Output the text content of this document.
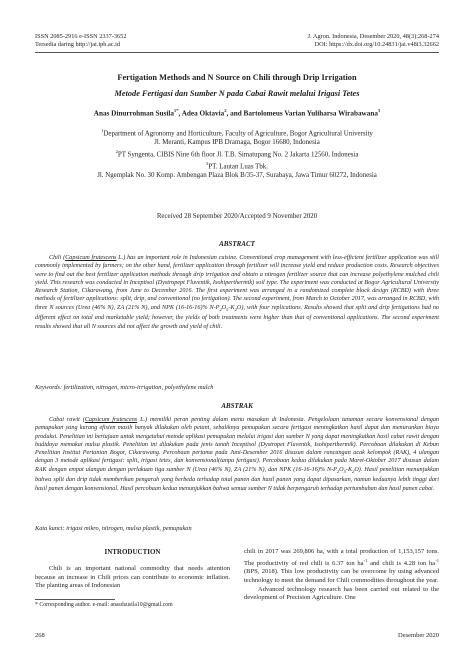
ISSN 2085-2916 e-ISSN 2337-3652
Tersedia daring http://jai.ipb.ac.id
J. Agron. Indonesia, Desember 2020, 48(3):268-274
DOI: https://dx.doi.org/10.24831/jai.v48i3.32662
Fertigation Methods and N Source on Chili through Drip Irrigation
Metode Fertigasi dan Sumber N pada Cabai Rawit melalui Irigasi Tetes
Anas Dinurrohman Susila$^{1*}$, Adea Oktavia$^2$, and Bartolomeus Varian Yuliharsa Wirabawana$^3$
$^1$Department of Agronomy and Horticulture, Faculty of Agriculture, Bogor Agricultural University
Jl. Meranti, Kampus IPB Dramaga, Bogor 16680, Indonesia
$^2$PT Syngenta, CIBIS Nine 6th floor Jl. T.B. Simatupang No. 2 Jakarta 12560, Indonesia
$^3$PT. Lautan Luas Tbk.
Jl. Ngemplak No. 30 Komp. Ambengan Plaza Blok B/35-37, Surabaya, Jawa Timur 60272, Indonesia
Received 28 September 2020/Accepted 9 November 2020
ABSTRACT

Chili (Capsicum frutescens L.) has an important role in Indonesian cuisine. Conventional crop management with less-efficient fertilizer application was still commonly implemented by farmers; on the other hand, fertilizer application through fertilizer will increase yield and reduce production costs. Research objectives were to find out the best fertilizer application methods through drip irrigation and obtain a nitrogen fertilizer source that can increase polyethylene mulched chili yield. This research was conducted in Inceptisol (Dystropept Fluventik, Isohiperthermik) soil type. The experiment was conducted at Bogor Agricultural University Research Station, Cikarawang, from June to December 2016. The first experiment was arranged in a randomized complete block design (RCBD) with three methods of fertilizer applications: split, drip, and conventional (no fertigation). The second experiment, from March to October 2017, was arranged in RCBD, with three N sources (Urea (46% N), ZA (21% N), and NPK (16-16-16)% $N-P_2O_5-K_2O$), with four replications. Results showed that split and drip fertigations had no different effect on total and marketable yield; however, the yields of both treatments were higher than that of conventional applications. The second experiment results showed that all N sources did not affect the growth and yield of chili.

Keywords: fertilization, nitrogen, micro-irrigation, polyethylene mulch
ABSTRAK

Cabai rawit (Capsicum frutescens L.) memiliki peran penting dalam menu masakan di Indonesia. Pengelolaan tanaman secara konvensional dengan pemupukan yang kurang efisien masih banyak dilakukan oleh petani, sebaliknya pemupukan secara fertigasi meningkatkan hasil dapat dan menurunkan biaya produksi. Penelitian ini bertujuan untuk mengetahui metode aplikasi pemupukan melalui irigasi dan sumber N yang dapat meningkatkan hasil cabai rawit dengan budidaya memakai mulsa plastik. Penelitian ini dilakukan pada jenis tanah Inceptisol (Dystropet Fluventik, Isohiperthermik). Percobaan dilakukan di Kebun Penelitian Institut Pertanian Bogor, Cikarawang. Percobaan pertama pada Juni-Desember 2016 disusun dalam rancangan acak kelompok (RAK), 4 ulangan dengan 3 metode aplikasi fertigasi: split, irigasi tetes, dan konvensional(tanpa fertigasi). Percobaan kedua dilakukan pada Maret-Oktober 2017 disusun dalam RAK dengan empat ulangan dengan perlakuan tiga sumber N (Urea (46% N), ZA (21% N), dan NPK (16-16-16)% $N-P_2O_5-K_2O$). Hasil penelitian menunjukkan bahwa split dan drip tidak memberikan pengaruh yang berbeda terhadap total panen dan hasil panen yang dapat dipasarkan, namun keduanya lebih tinggi dari hasil panen dengan konvensional. Hasil percobaan kedua menunjukkan bahwa semua sumber N tidak berpengaruh terhadap pertumbuhan dan hasil panen cabai.

Kata kunci: irigasi mikro, nitrogen, mulsa plastik, pemupukan
INTRODUCTION

Chili is an important national commodity that needs attention because an increase in Chili prices can contribute to economic inflation. The planting areas of Indonesian

chili in 2017 was 269,806 ha, with a total production of 1,153,157 tons. The productivity of red chili is 6.37 ton $ha^{-1}$ and chili is 4.28 ton $ha^{-1}$ (BPS, 2018). This low productivity can be overcome by using advanced technology to meet the demand for Chili commodities throughout the year.
Advanced technology research has been carried out related to the development of Precision Agriculture. One

* Corresponding author. e-mail: anasdsusila10@gmail.com
268	Desember 2020
